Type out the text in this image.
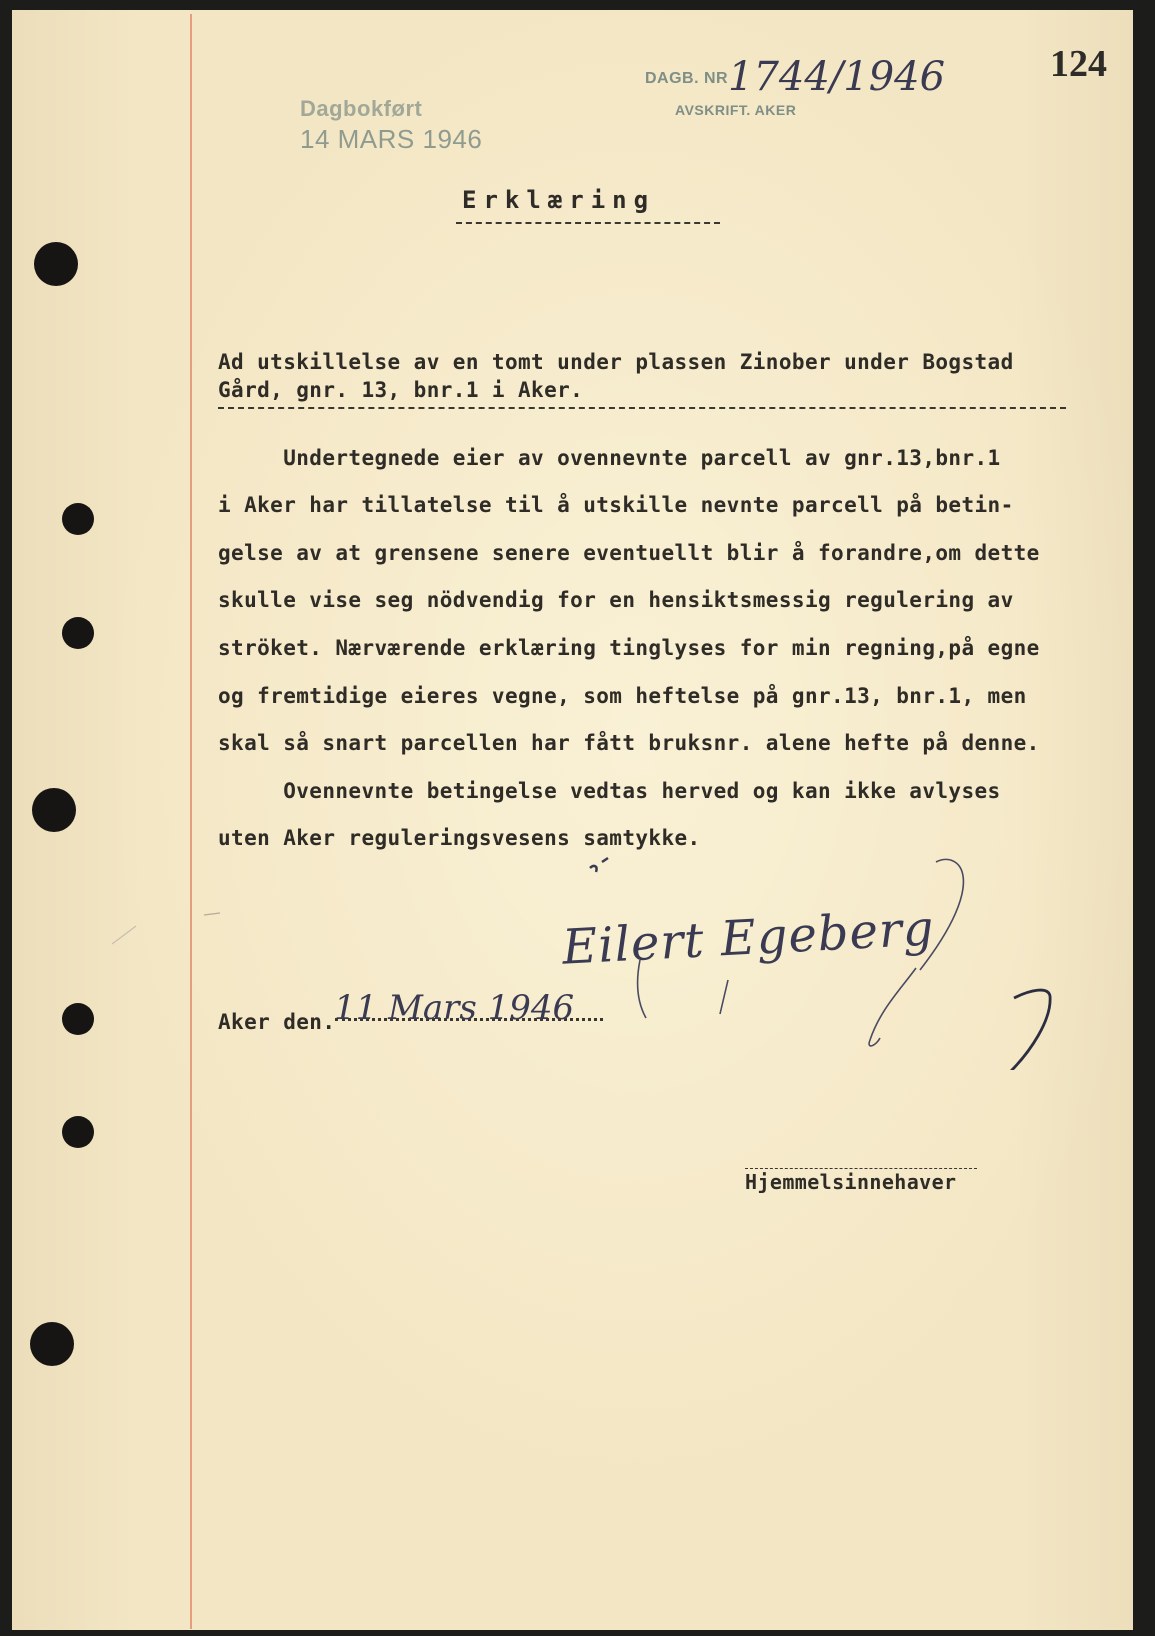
Dagbokført
14 MARS 1946
DAGB. NR
AVSKRIFT. AKER
1744/1946	124
Erklæring
Ad utskillelse av en tomt under plassen Zinober under Bogstad
Gård, gnr. 13, bnr.1 i Aker.
Undertegnede eier av ovennevnte parcell av gnr.13,bnr.1
i Aker har tillatelse til å utskille nevnte parcell på betin-
gelse av at grensene senere eventuellt blir å forandre,om dette
skulle vise seg nödvendig for en hensiktsmessig regulering av
ströket. Nærværende erklæring tinglyses for min regning,på egne
og fremtidige eieres vegne, som heftelse på gnr.13, bnr.1, men
skal så snart parcellen har fått bruksnr. alene hefte på denne.
Ovennevnte betingelse vedtas herved og kan ikke avlyses
uten Aker reguleringsvesens samtykke.
Eilert Egeberg
Aker den.
11 Mars 1946
Hjemmelsinnehaver
